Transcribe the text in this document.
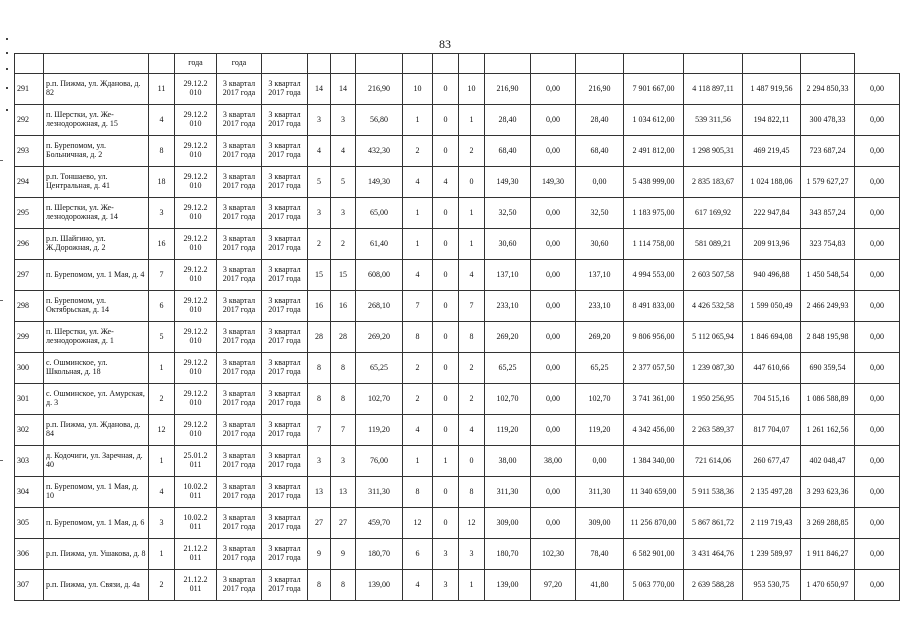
83
			года	года															
291	р.п. Пижма, ул. Жданова, д. 82	11	29.12.2 010	3 квартал 2017 года	3 квартал 2017 года	14	14	216,90	10	0	10	216,90	0,00	216,90	7 901 667,00	4 118 897,11	1 487 919,56	2 294 850,33	0,00
292	п. Шерстки, ул. Железнодорожная, д. 15	4	29.12.2 010	3 квартал 2017 года	3 квартал 2017 года	3	3	56,80	1	0	1	28,40	0,00	28,40	1 034 612,00	539 311,56	194 822,11	300 478,33	0,00
293	п. Бурепомом, ул. Больничная, д. 2	8	29.12.2 010	3 квартал 2017 года	3 квартал 2017 года	4	4	432,30	2	0	2	68,40	0,00	68,40	2 491 812,00	1 298 905,31	469 219,45	723 687,24	0,00
294	р.п. Тоншаево, ул. Центральная, д. 41	18	29.12.2 010	3 квартал 2017 года	3 квартал 2017 года	5	5	149,30	4	4	0	149,30	149,30	0,00	5 438 999,00	2 835 183,67	1 024 188,06	1 579 627,27	0,00
295	п. Шерстки, ул. Железнодорожная, д. 14	3	29.12.2 010	3 квартал 2017 года	3 квартал 2017 года	3	3	65,00	1	0	1	32,50	0,00	32,50	1 183 975,00	617 169,92	222 947,84	343 857,24	0,00
296	р.п. Шайгино, ул. Ж.Дорожная, д. 2	16	29.12.2 010	3 квартал 2017 года	3 квартал 2017 года	2	2	61,40	1	0	1	30,60	0,00	30,60	1 114 758,00	581 089,21	209 913,96	323 754,83	0,00
297	п. Бурепомом, ул. 1 Мая, д. 4	7	29.12.2 010	3 квартал 2017 года	3 квартал 2017 года	15	15	608,00	4	0	4	137,10	0,00	137,10	4 994 553,00	2 603 507,58	940 496,88	1 450 548,54	0,00
298	п. Бурепомом, ул. Октябрьская, д. 14	6	29.12.2 010	3 квартал 2017 года	3 квартал 2017 года	16	16	268,10	7	0	7	233,10	0,00	233,10	8 491 833,00	4 426 532,58	1 599 050,49	2 466 249,93	0,00
299	п. Шерстки, ул. Железнодорожная, д. 1	5	29.12.2 010	3 квартал 2017 года	3 квартал 2017 года	28	28	269,20	8	0	8	269,20	0,00	269,20	9 806 956,00	5 112 065,94	1 846 694,08	2 848 195,98	0,00
300	с. Ошминское, ул. Школьная, д. 18	1	29.12.2 010	3 квартал 2017 года	3 квартал 2017 года	8	8	65,25	2	0	2	65,25	0,00	65,25	2 377 057,50	1 239 087,30	447 610,66	690 359,54	0,00
301	с. Ошминское, ул. Амурская, д. 3	2	29.12.2 010	3 квартал 2017 года	3 квартал 2017 года	8	8	102,70	2	0	2	102,70	0,00	102,70	3 741 361,00	1 950 256,95	704 515,16	1 086 588,89	0,00
302	р.п. Пижма, ул. Жданова, д. 84	12	29.12.2 010	3 квартал 2017 года	3 квартал 2017 года	7	7	119,20	4	0	4	119,20	0,00	119,20	4 342 456,00	2 263 589,37	817 704,07	1 261 162,56	0,00
303	д. Кодочиги, ул. Заречная, д. 40	1	25.01.2 011	3 квартал 2017 года	3 квартал 2017 года	3	3	76,00	1	1	0	38,00	38,00	0,00	1 384 340,00	721 614,06	260 677,47	402 048,47	0,00
304	п. Бурепомом, ул. 1 Мая, д. 10	4	10.02.2 011	3 квартал 2017 года	3 квартал 2017 года	13	13	311,30	8	0	8	311,30	0,00	311,30	11 340 659,00	5 911 538,36	2 135 497,28	3 293 623,36	0,00
305	п. Бурепомом, ул. 1 Мая, д. 6	3	10.02.2 011	3 квартал 2017 года	3 квартал 2017 года	27	27	459,70	12	0	12	309,00	0,00	309,00	11 256 870,00	5 867 861,72	2 119 719,43	3 269 288,85	0,00
306	р.п. Пижма, ул. Ушакова, д. 8	1	21.12.2 011	3 квартал 2017 года	3 квартал 2017 года	9	9	180,70	6	3	3	180,70	102,30	78,40	6 582 901,00	3 431 464,76	1 239 589,97	1 911 846,27	0,00
307	р.п. Пижма, ул. Связи, д. 4а	2	21.12.2 011	3 квартал 2017 года	3 квартал 2017 года	8	8	139,00	4	3	1	139,00	97,20	41,80	5 063 770,00	2 639 588,28	953 530,75	1 470 650,97	0,00
